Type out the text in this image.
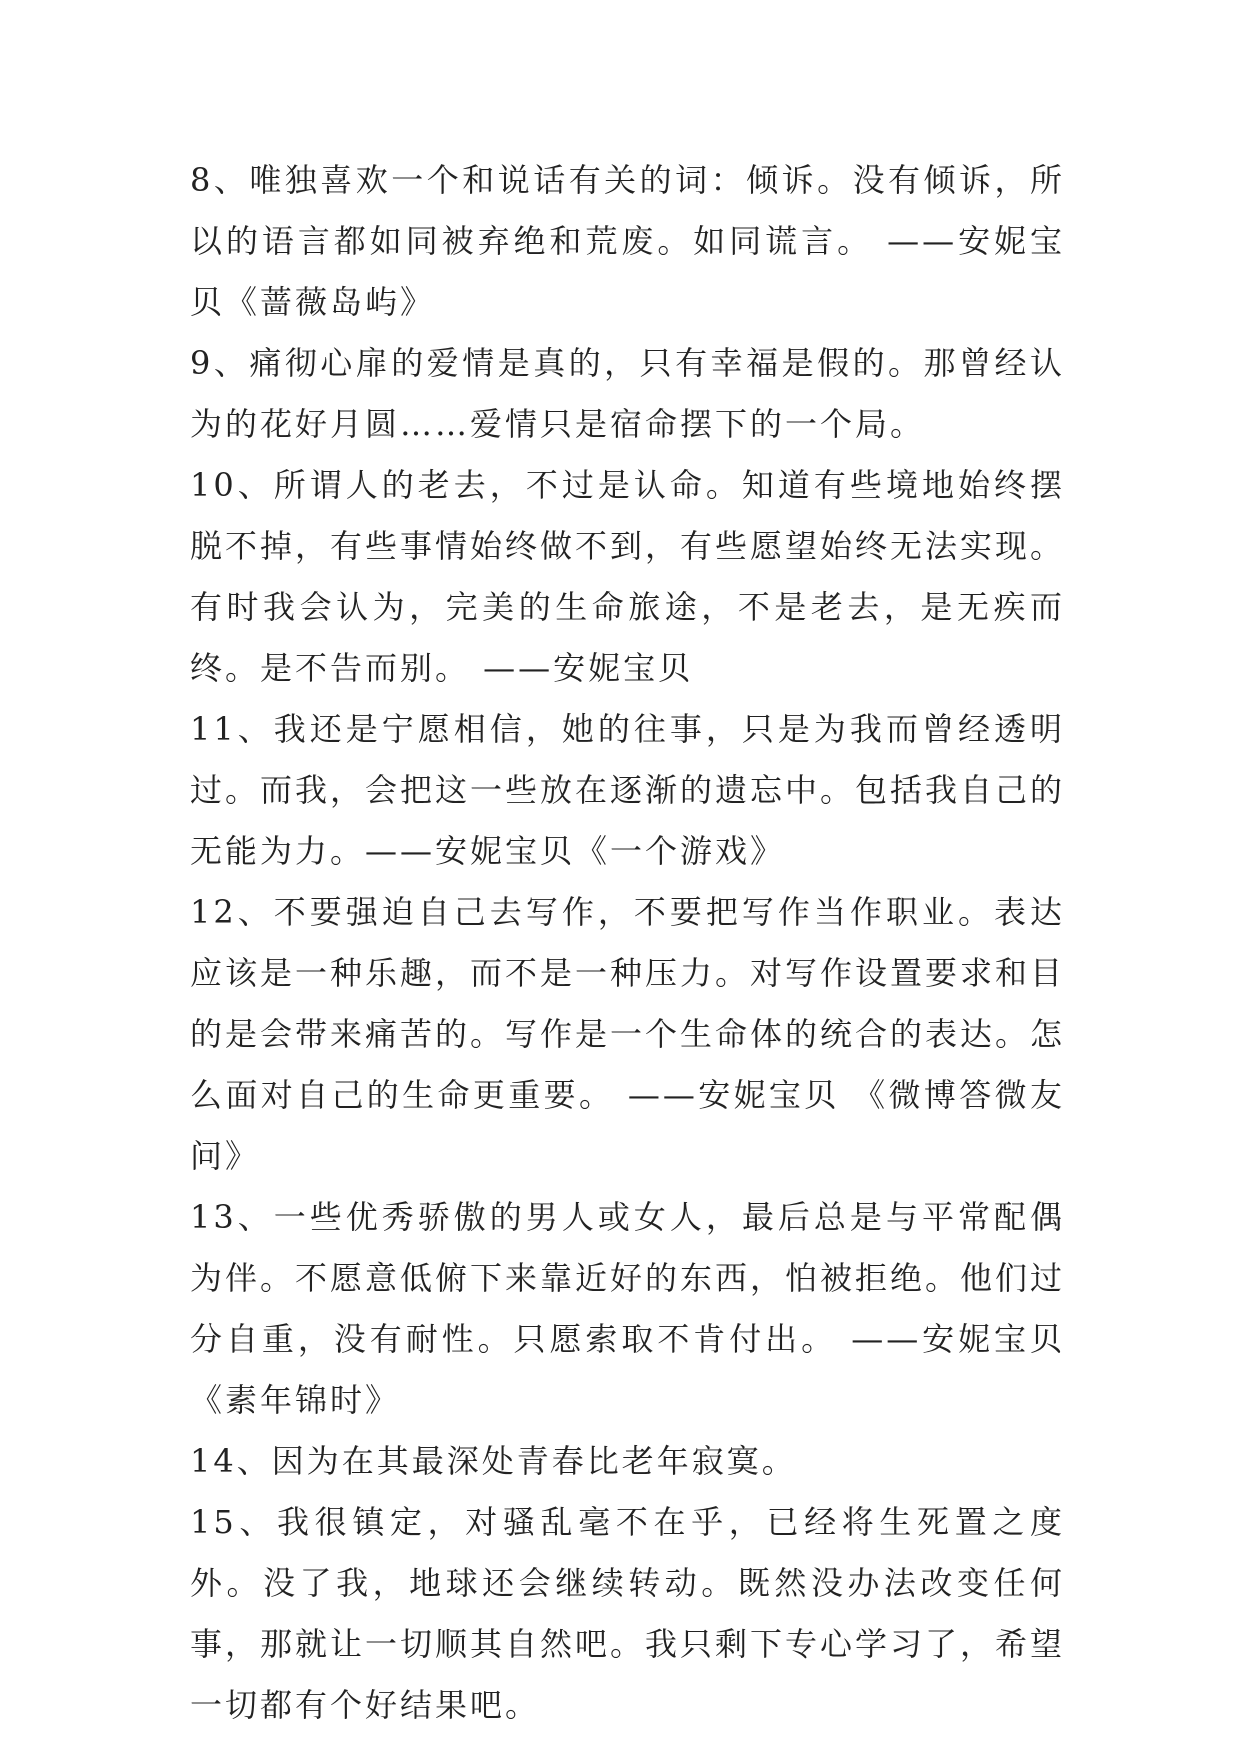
8、唯独喜欢一个和说话有关的词：倾诉。没有倾诉，所以的语言都如同被弃绝和荒废。如同谎言。 ——安妮宝贝《蔷薇岛屿》

9、痛彻心扉的爱情是真的，只有幸福是假的。那曾经认为的花好月圆……爱情只是宿命摆下的一个局。

10、所谓人的老去，不过是认命。知道有些境地始终摆脱不掉，有些事情始终做不到，有些愿望始终无法实现。 有时我会认为，完美的生命旅途，不是老去，是无疾而终。是不告而别。 ——安妮宝贝

11、我还是宁愿相信，她的往事，只是为我而曾经透明过。而我，会把这一些放在逐渐的遗忘中。包括我自己的无能为力。——安妮宝贝《一个游戏》

12、不要强迫自己去写作，不要把写作当作职业。表达应该是一种乐趣，而不是一种压力。对写作设置要求和目的是会带来痛苦的。写作是一个生命体的统合的表达。怎么面对自己的生命更重要。 ——安妮宝贝 《微博答微友问》

13、一些优秀骄傲的男人或女人，最后总是与平常配偶为伴。不愿意低俯下来靠近好的东西，怕被拒绝。他们过分自重，没有耐性。只愿索取不肯付出。 ——安妮宝贝 《素年锦时》

14、因为在其最深处青春比老年寂寞。

15、我很镇定，对骚乱毫不在乎，已经将生死置之度外。没了我，地球还会继续转动。既然没办法改变任何事，那就让一切顺其自然吧。我只剩下专心学习了，希望一切都有个好结果吧。
